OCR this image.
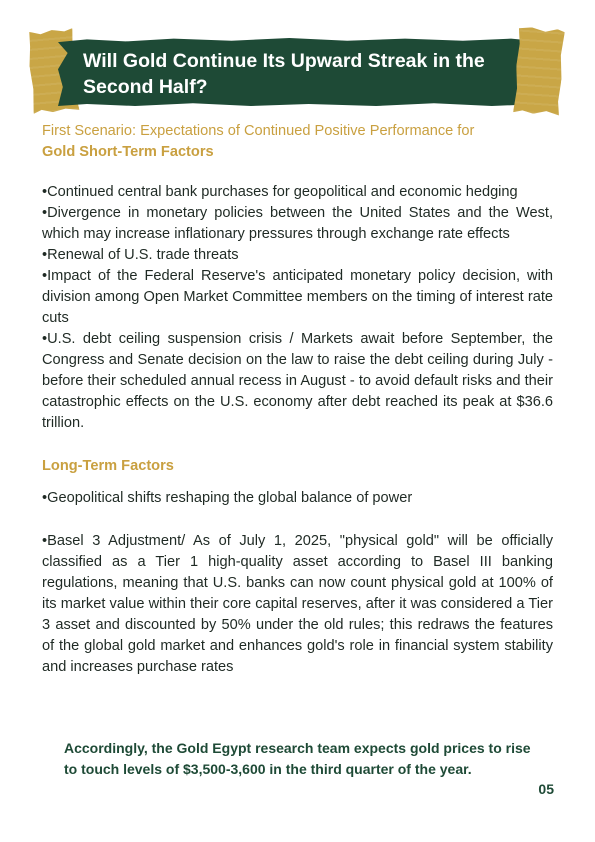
Will Gold Continue Its Upward Streak in the Second Half?
First Scenario: Expectations of Continued Positive Performance for
Gold Short-Term Factors
•Continued central bank purchases for geopolitical and economic hedging
•Divergence in monetary policies between the United States and the West, which may increase inflationary pressures through exchange rate effects
•Renewal of U.S. trade threats
•Impact of the Federal Reserve's anticipated monetary policy decision, with division among Open Market Committee members on the timing of interest rate cuts
•U.S. debt ceiling suspension crisis / Markets await before September, the Congress and Senate decision on the law to raise the debt ceiling during July - before their scheduled annual recess in August - to avoid default risks and their catastrophic effects on the U.S. economy after debt reached its peak at $36.6 trillion.
Long-Term Factors
•Geopolitical shifts reshaping the global balance of power
•Basel 3 Adjustment/ As of July 1, 2025, "physical gold" will be officially classified as a Tier 1 high-quality asset according to Basel III banking regulations, meaning that U.S. banks can now count physical gold at 100% of its market value within their core capital reserves, after it was considered a Tier 3 asset and discounted by 50% under the old rules; this redraws the features of the global gold market and enhances gold's role in financial system stability and increases purchase rates
Accordingly, the Gold Egypt research team expects gold prices to rise to touch levels of $3,500-3,600 in the third quarter of the year.
05
